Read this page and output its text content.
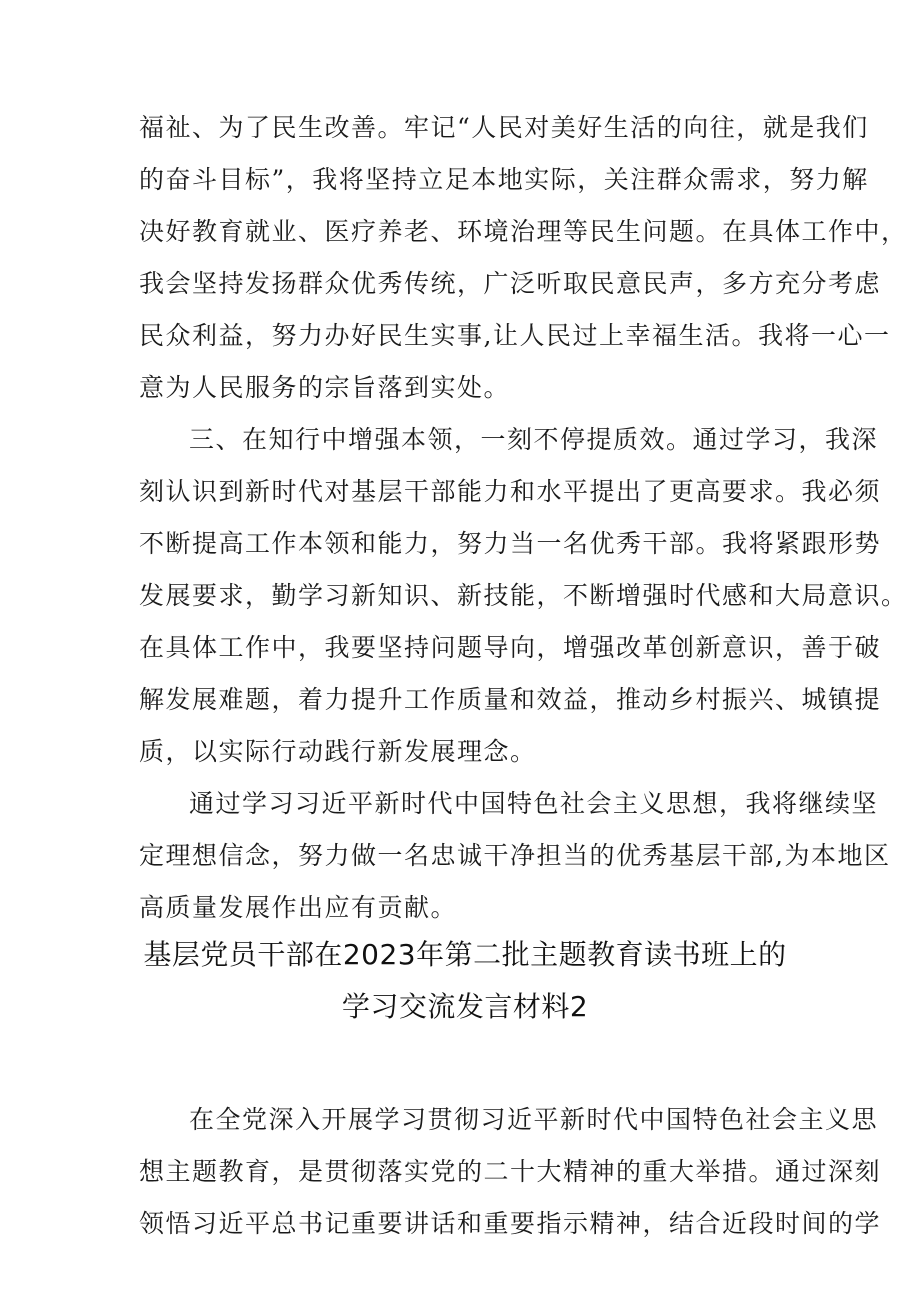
福祉、为了民生改善。牢记“人民对美好生活的向往，就是我们
的奋斗目标”，我将坚持立足本地实际，关注群众需求，努力解
决好教育就业、医疗养老、环境治理等民生问题。在具体工作中，
我会坚持发扬群众优秀传统，广泛听取民意民声，多方充分考虑
民众利益，努力办好民生实事,让人民过上幸福生活。我将一心一
意为人民服务的宗旨落到实处。
三、在知行中增强本领，一刻不停提质效。通过学习，我深
刻认识到新时代对基层干部能力和水平提出了更高要求。我必须
不断提高工作本领和能力，努力当一名优秀干部。我将紧跟形势
发展要求，勤学习新知识、新技能，不断增强时代感和大局意识。
在具体工作中，我要坚持问题导向，增强改革创新意识，善于破
解发展难题，着力提升工作质量和效益，推动乡村振兴、城镇提
质，以实际行动践行新发展理念。
通过学习习近平新时代中国特色社会主义思想，我将继续坚
定理想信念，努力做一名忠诚干净担当的优秀基层干部,为本地区
高质量发展作出应有贡献。
基层党员干部在2023年第二批主题教育读书班上的
学习交流发言材料2
在全党深入开展学习贯彻习近平新时代中国特色社会主义思
想主题教育，是贯彻落实党的二十大精神的重大举措。通过深刻
领悟习近平总书记重要讲话和重要指示精神，结合近段时间的学
